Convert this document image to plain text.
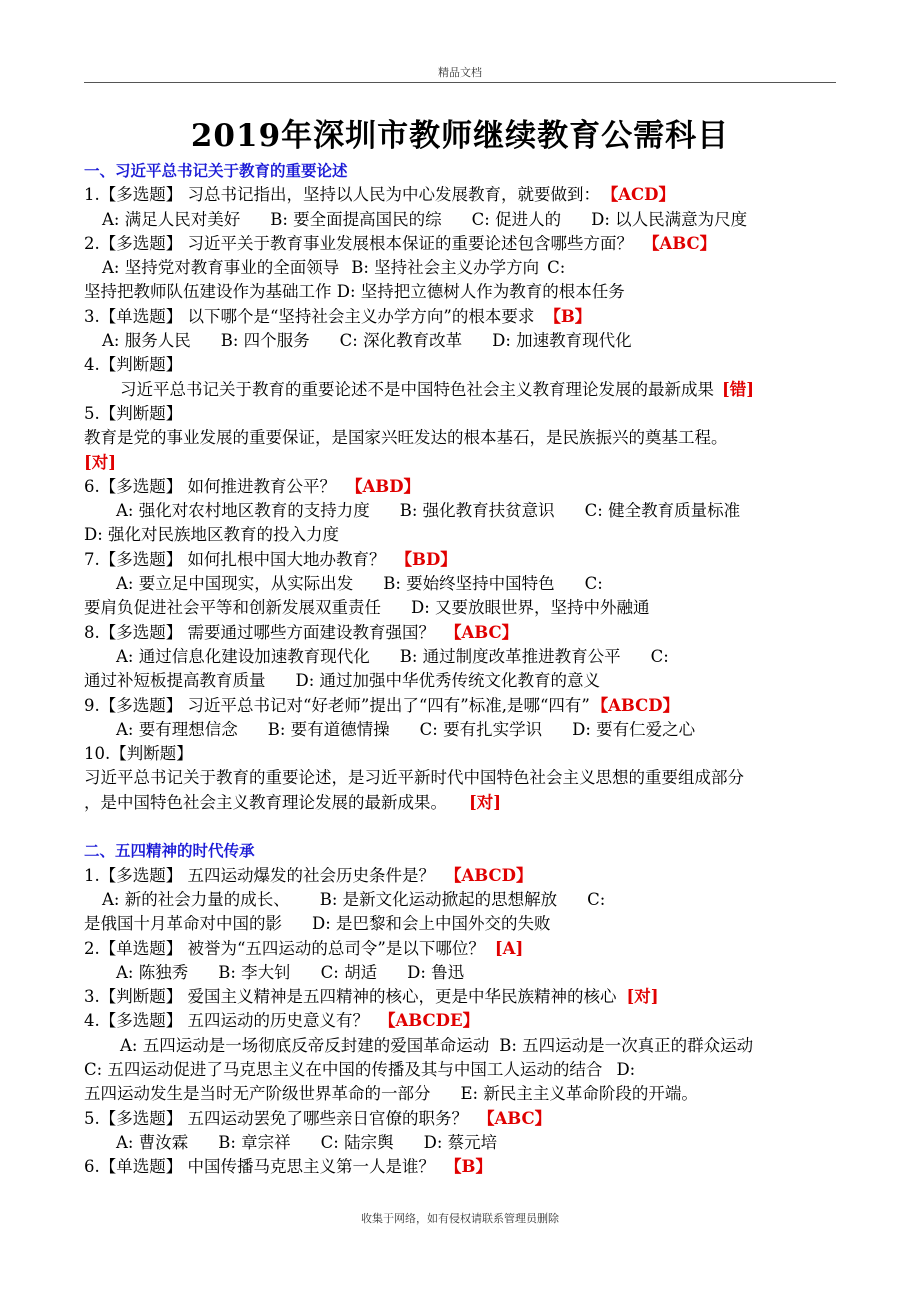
精品文档
2019年深圳市教师继续教育公需科目
一、习近平总书记关于教育的重要论述
1.【多选题】 习总书记指出，坚持以人民为中心发展教育，就要做到： 【ACD】
A: 满足人民对美好 B: 要全面提高国民的综 C: 促进人的 D: 以人民满意为尺度
2.【多选题】 习近平关于教育事业发展根本保证的重要论述包含哪些方面？ 【ABC】
A: 坚持党对教育事业的全面领导 B: 坚持社会主义办学方向 C:
坚持把教师队伍建设作为基础工作 D: 坚持把立德树人作为教育的根本任务
3.【单选题】 以下哪个是“坚持社会主义办学方向”的根本要求 【B】
A: 服务人民 B: 四个服务 C: 深化教育改革 D: 加速教育现代化
4.【判断题】
习近平总书记关于教育的重要论述不是中国特色社会主义教育理论发展的最新成果 [错]
5.【判断题】
教育是党的事业发展的重要保证，是国家兴旺发达的根本基石，是民族振兴的奠基工程。
[对]
6.【多选题】 如何推进教育公平？ 【ABD】
A: 强化对农村地区教育的支持力度 B: 强化教育扶贫意识 C: 健全教育质量标准
D: 强化对民族地区教育的投入力度
7.【多选题】 如何扎根中国大地办教育？ 【BD】
A: 要立足中国现实，从实际出发 B: 要始终坚持中国特色 C:
要肩负促进社会平等和创新发展双重责任 D: 又要放眼世界，坚持中外融通
8.【多选题】 需要通过哪些方面建设教育强国？ 【ABC】
A: 通过信息化建设加速教育现代化 B: 通过制度改革推进教育公平 C:
通过补短板提高教育质量 D: 通过加强中华优秀传统文化教育的意义
9.【多选题】 习近平总书记对“好老师”提出了“四有”标准,是哪“四有” 【ABCD】
A: 要有理想信念 B: 要有道德情操 C: 要有扎实学识 D: 要有仁爱之心
10.【判断题】
习近平总书记关于教育的重要论述，是习近平新时代中国特色社会主义思想的重要组成部分
，是中国特色社会主义教育理论发展的最新成果。 [对]
二、五四精神的时代传承
1.【多选题】 五四运动爆发的社会历史条件是？ 【ABCD】
A: 新的社会力量的成长、 B: 是新文化运动掀起的思想解放 C:
是俄国十月革命对中国的影 D: 是巴黎和会上中国外交的失败
2.【单选题】 被誉为“五四运动的总司令”是以下哪位？ [A]
A: 陈独秀 B: 李大钊 C: 胡适 D: 鲁迅
3.【判断题】 爱国主义精神是五四精神的核心，更是中华民族精神的核心 [对]
4.【多选题】 五四运动的历史意义有？ 【ABCDE】
A: 五四运动是一场彻底反帝反封建的爱国革命运动 B: 五四运动是一次真正的群众运动
C: 五四运动促进了马克思主义在中国的传播及其与中国工人运动的结合 D:
五四运动发生是当时无产阶级世界革命的一部分 E: 新民主主义革命阶段的开端。
5.【多选题】 五四运动罢免了哪些亲日官僚的职务？ 【ABC】
A: 曹汝霖 B: 章宗祥 C: 陆宗舆 D: 蔡元培
6.【单选题】 中国传播马克思主义第一人是谁？ 【B】
收集于网络，如有侵权请联系管理员删除
